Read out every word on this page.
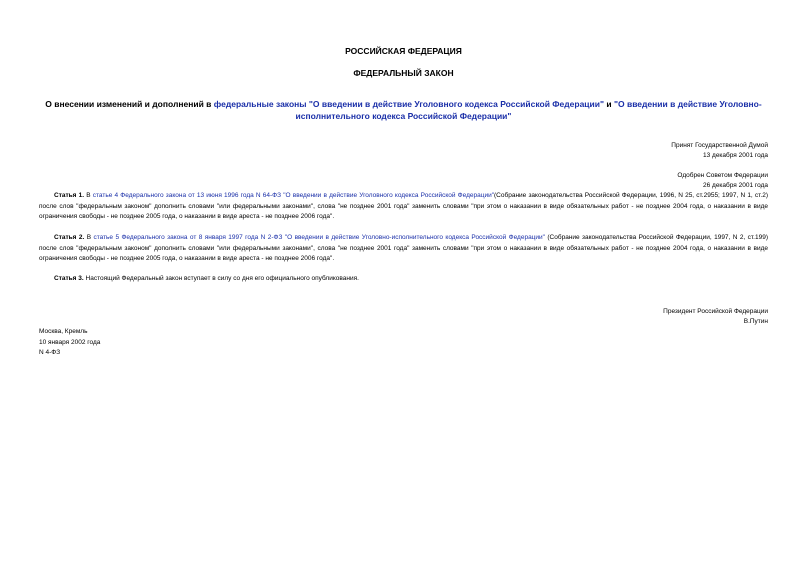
РОССИЙСКАЯ ФЕДЕРАЦИЯ
ФЕДЕРАЛЬНЫЙ ЗАКОН
О внесении изменений и дополнений в федеральные законы "О введении в действие Уголовного кодекса Российской Федерации" и "О введении в действие Уголовно-исполнительного кодекса Российской Федерации"
Принят Государственной Думой
13 декабря 2001 года
Одобрен Советом Федерации
26 декабря 2001 года
Статья 1. В статье 4 Федерального закона от 13 июня 1996 года N 64-ФЗ "О введении в действие Уголовного кодекса Российской Федерации"(Собрание законодательства Российской Федерации, 1996, N 25, ст.2955; 1997, N 1, ст.2) после слов "федеральным законом" дополнить словами "или федеральными законами", слова "не позднее 2001 года" заменить словами "при этом о наказании в виде обязательных работ - не позднее 2004 года, о наказании в виде ограничения свободы - не позднее 2005 года, о наказании в виде ареста - не позднее 2006 года".
Статья 2. В статье 5 Федерального закона от 8 января 1997 года N 2-ФЗ "О введении в действие Уголовно-исполнительного кодекса Российской Федерации" (Собрание законодательства Российской Федерации, 1997, N 2, ст.199) после слов "федеральным законом" дополнить словами "или федеральными законами", слова "не позднее 2001 года" заменить словами "при этом о наказании в виде обязательных работ - не позднее 2004 года, о наказании в виде ограничения свободы - не позднее 2005 года, о наказании в виде ареста - не позднее 2006 года".
Статья 3. Настоящий Федеральный закон вступает в силу со дня его официального опубликования.
Президент Российской Федерации
В.Путин
Москва, Кремль
10 января 2002 года
N 4-ФЗ
